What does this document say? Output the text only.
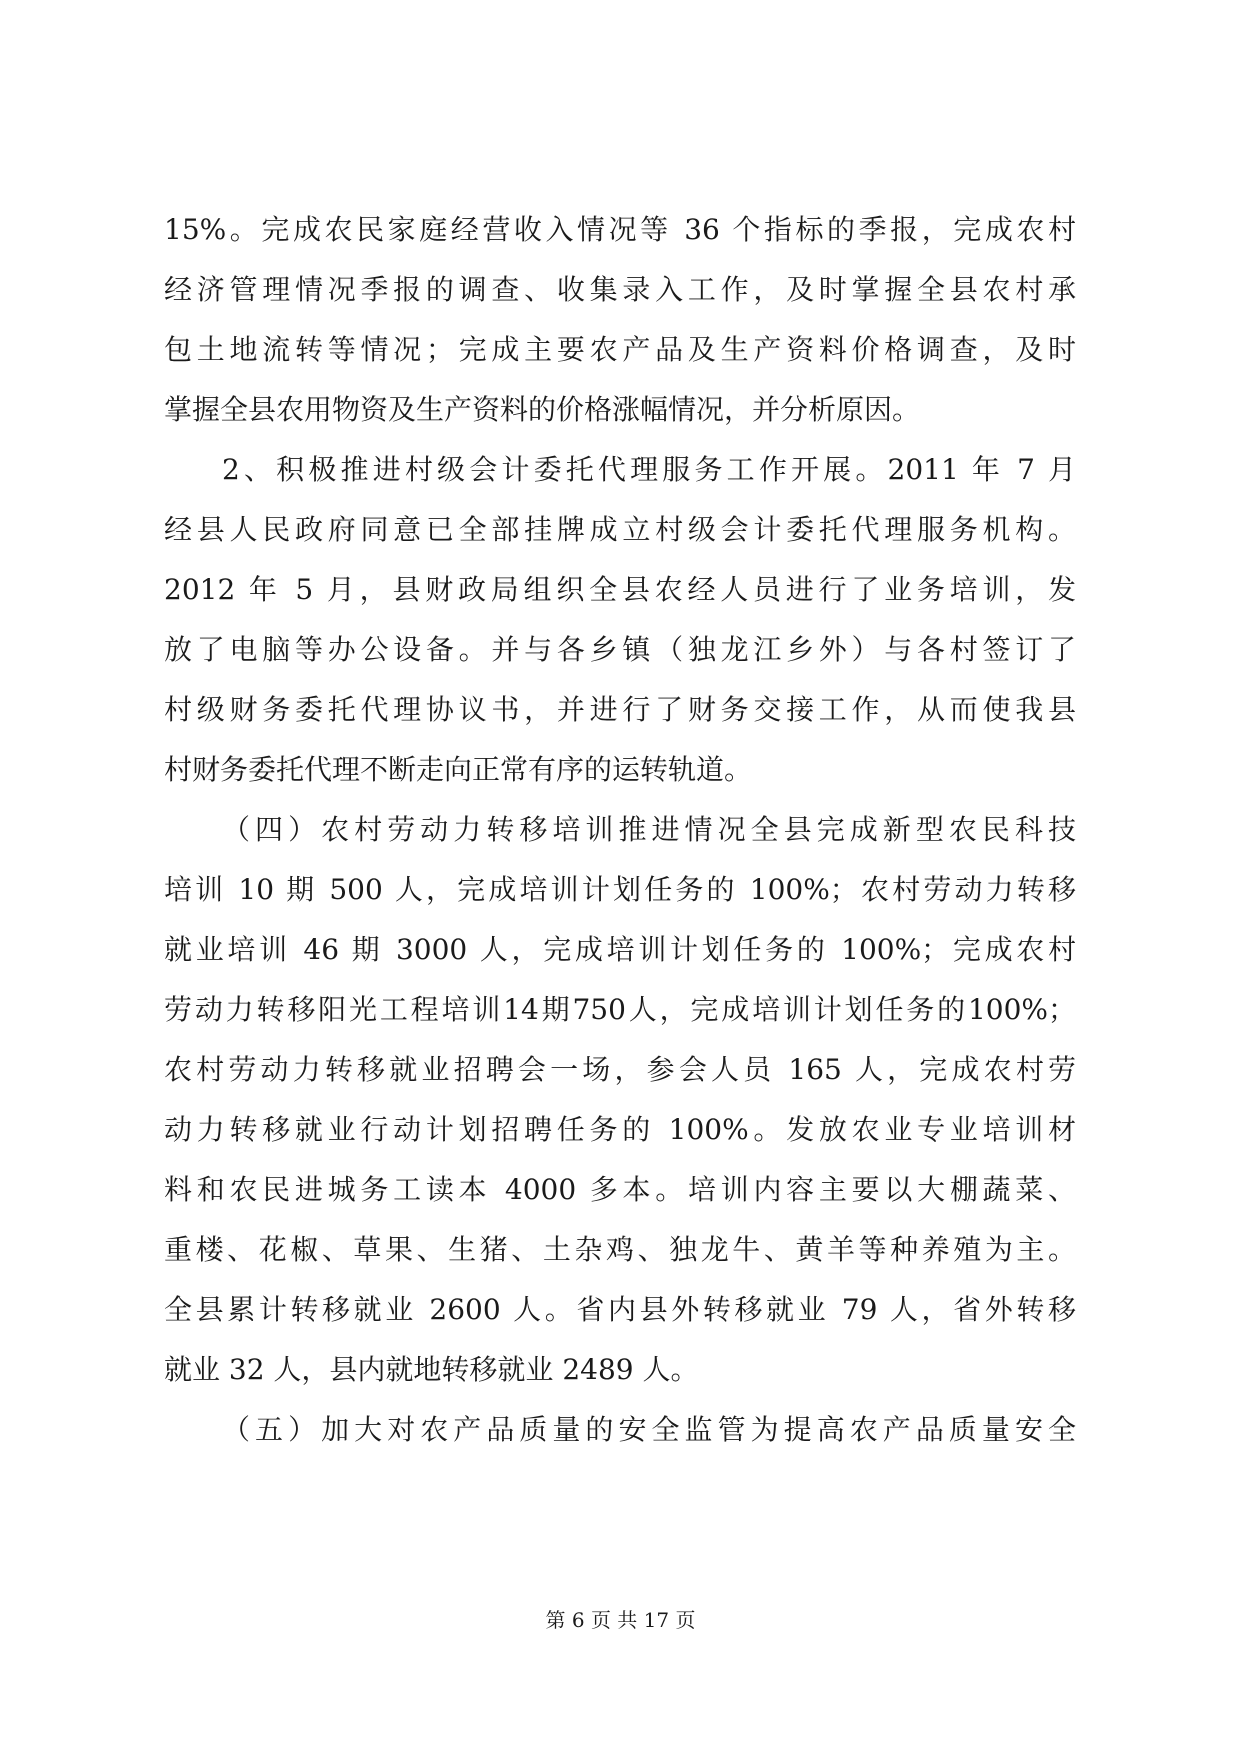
15%。完成农民家庭经营收入情况等 36 个指标的季报，完成农村
经济管理情况季报的调查、收集录入工作，及时掌握全县农村承
包土地流转等情况；完成主要农产品及生产资料价格调查，及时
掌握全县农用物资及生产资料的价格涨幅情况，并分析原因。
2、积极推进村级会计委托代理服务工作开展。2011 年 7 月
经县人民政府同意已全部挂牌成立村级会计委托代理服务机构。
2012 年 5 月，县财政局组织全县农经人员进行了业务培训，发
放了电脑等办公设备。并与各乡镇（独龙江乡外）与各村签订了
村级财务委托代理协议书，并进行了财务交接工作，从而使我县
村财务委托代理不断走向正常有序的运转轨道。
（四）农村劳动力转移培训推进情况全县完成新型农民科技
培训 10 期 500 人，完成培训计划任务的 100%；农村劳动力转移
就业培训 46 期 3000 人，完成培训计划任务的 100%；完成农村
劳动力转移阳光工程培训14期750人，完成培训计划任务的100%；
农村劳动力转移就业招聘会一场，参会人员 165 人，完成农村劳
动力转移就业行动计划招聘任务的 100%。发放农业专业培训材
料和农民进城务工读本 4000 多本。培训内容主要以大棚蔬菜、
重楼、花椒、草果、生猪、土杂鸡、独龙牛、黄羊等种养殖为主。
全县累计转移就业 2600 人。省内县外转移就业 79 人，省外转移
就业 32 人，县内就地转移就业 2489 人。
（五）加大对农产品质量的安全监管为提高农产品质量安全
第 6 页 共 17 页
